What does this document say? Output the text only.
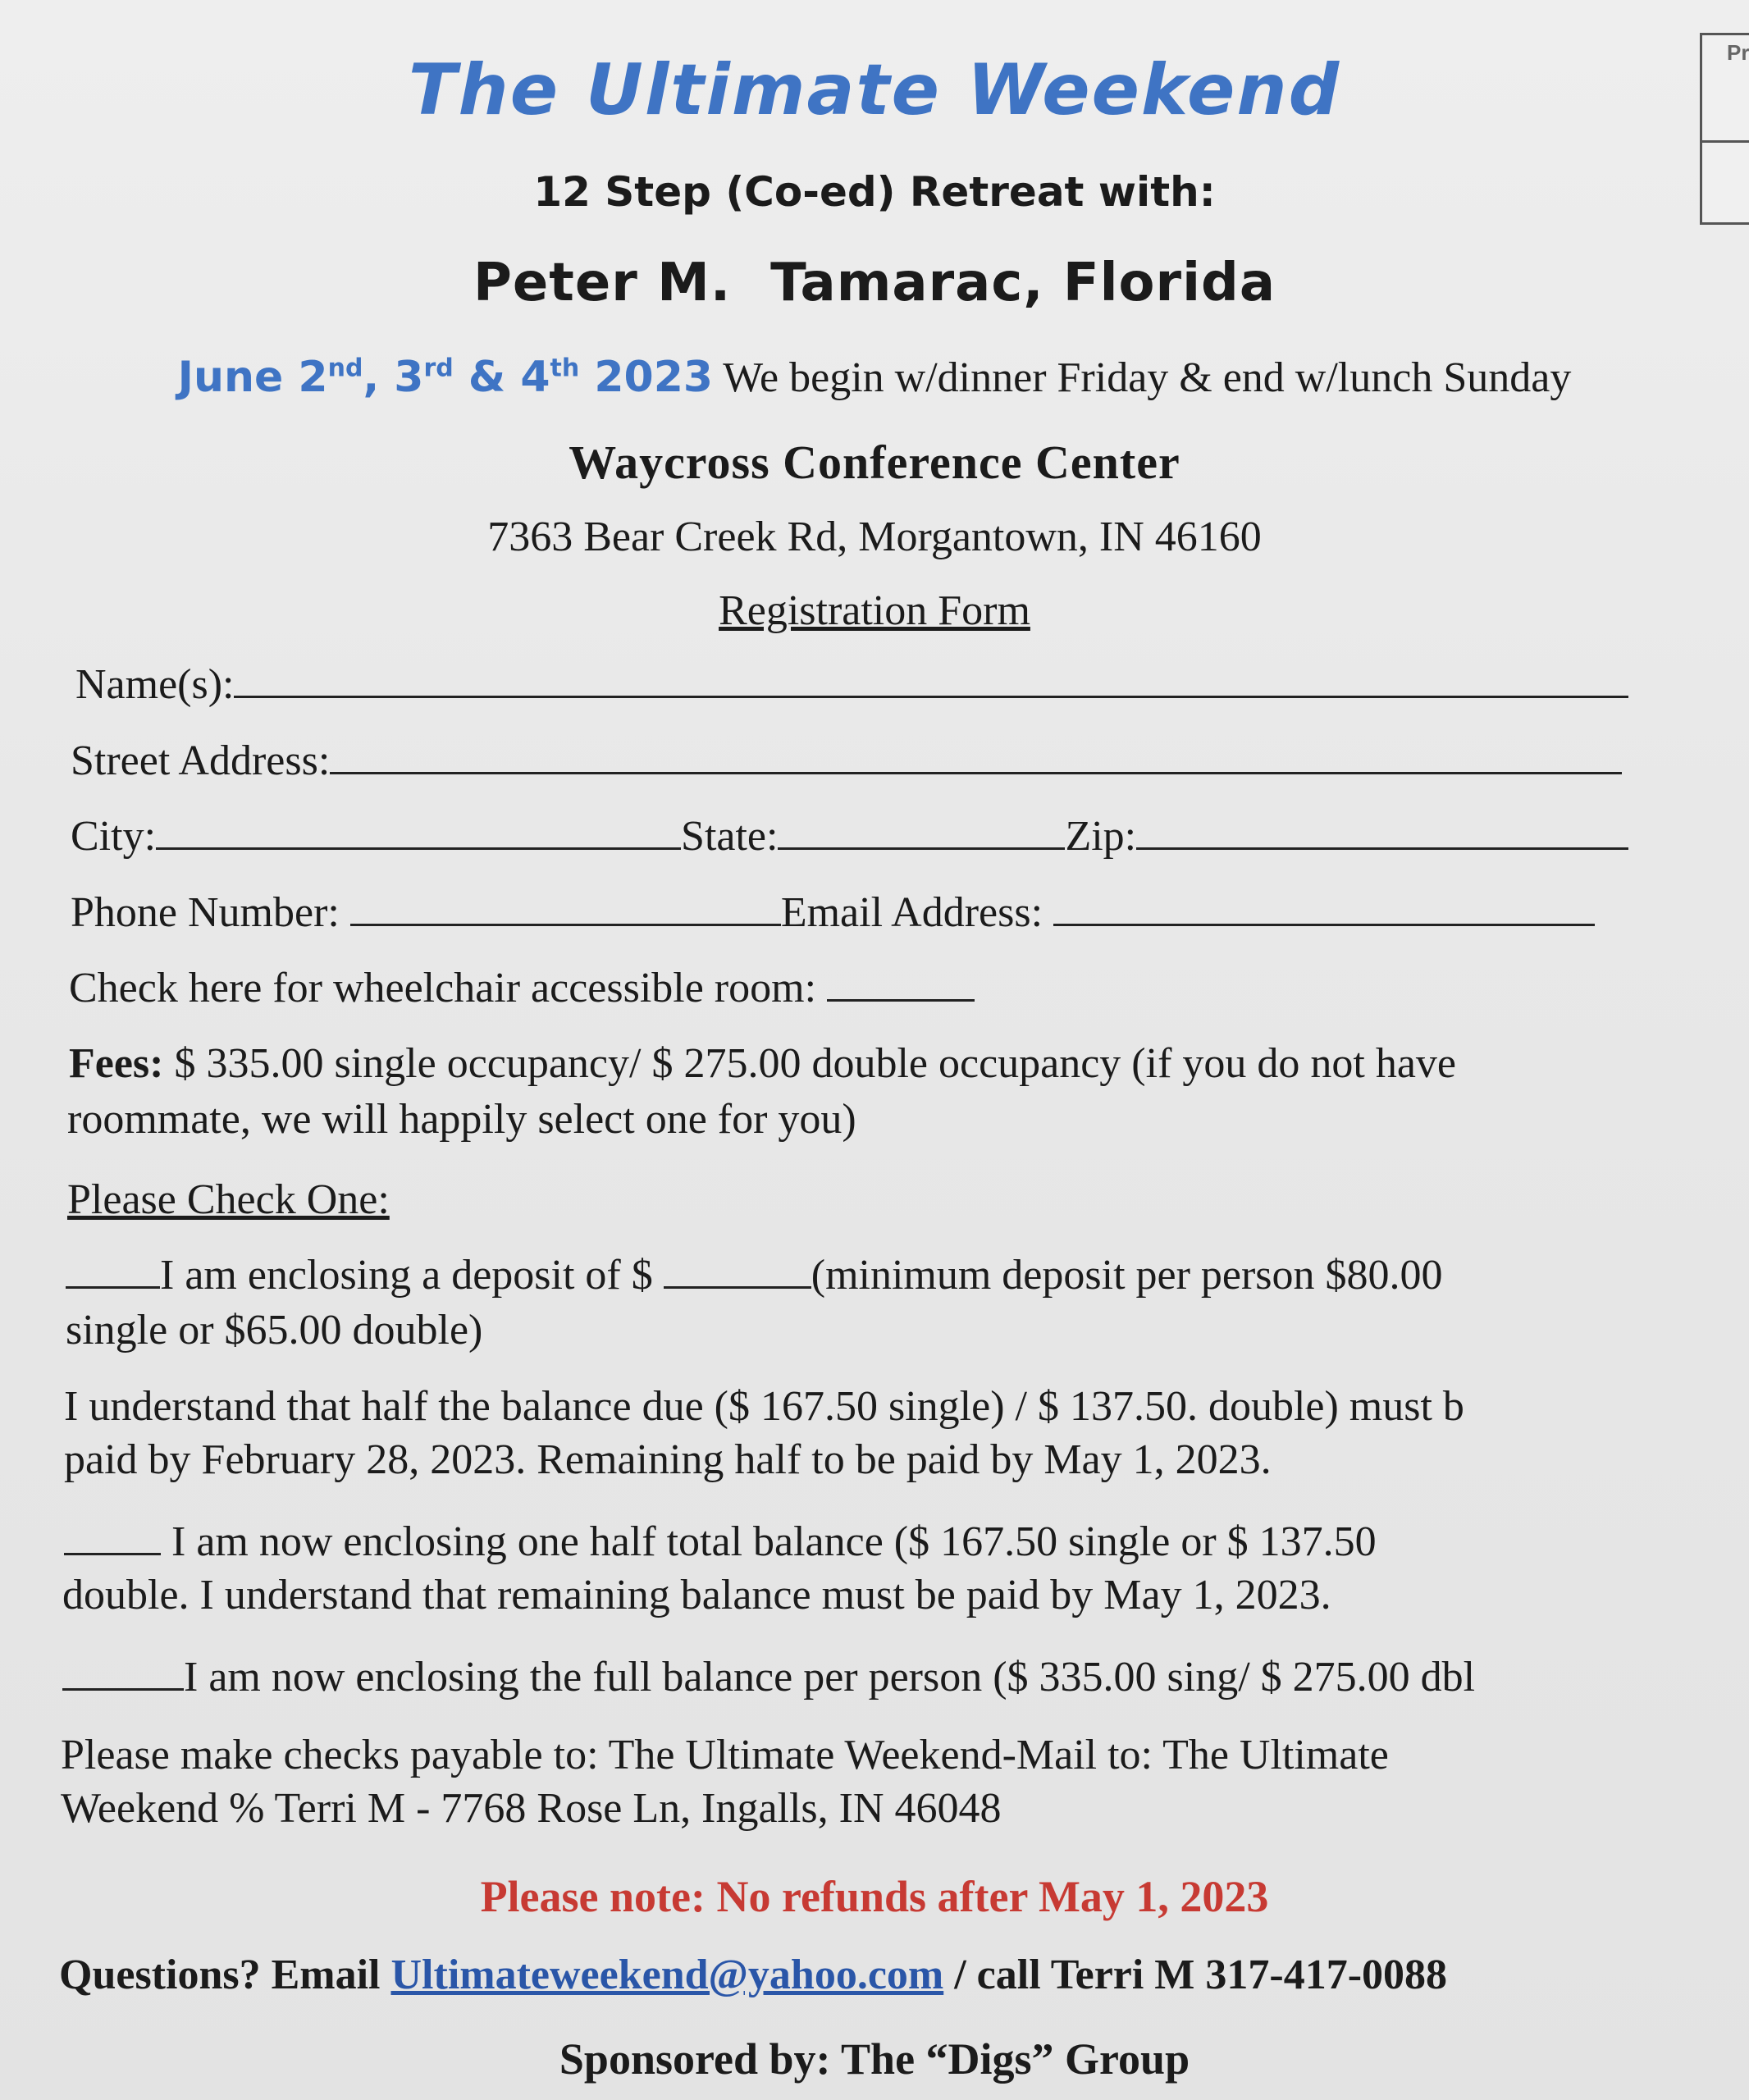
Pr
The Ultimate Weekend
12 Step (Co-ed) Retreat with:
Peter M. Tamarac, Florida
June 2nd, 3rd & 4th 2023 We begin w/dinner Friday & end w/lunch Sunday
Waycross Conference Center
7363 Bear Creek Rd, Morgantown, IN 46160
Registration Form
Name(s):
Street Address:
City:	State:	Zip:
Phone Number:	Email Address:
Check here for wheelchair accessible room:
Fees: $ 335.00 single occupancy/ $ 275.00 double occupancy (if you do not have
roommate, we will happily select one for you)
Please Check One:
I am enclosing a deposit of $	(minimum deposit per person $80.00
single or $65.00 double)
I understand that half the balance due ($ 167.50 single) / $ 137.50. double) must b
paid by February 28, 2023. Remaining half to be paid by May 1, 2023.
I am now enclosing one half total balance ($ 167.50 single or $ 137.50
double. I understand that remaining balance must be paid by May 1, 2023.
I am now enclosing the full balance per person ($ 335.00 sing/ $ 275.00 dbl
Please make checks payable to: The Ultimate Weekend-Mail to: The Ultimate
Weekend % Terri M - 7768 Rose Ln, Ingalls, IN 46048
Please note: No refunds after May 1, 2023
Questions? Email Ultimateweekend@yahoo.com / call Terri M 317-417-0088
Sponsored by: The “Digs” Group
